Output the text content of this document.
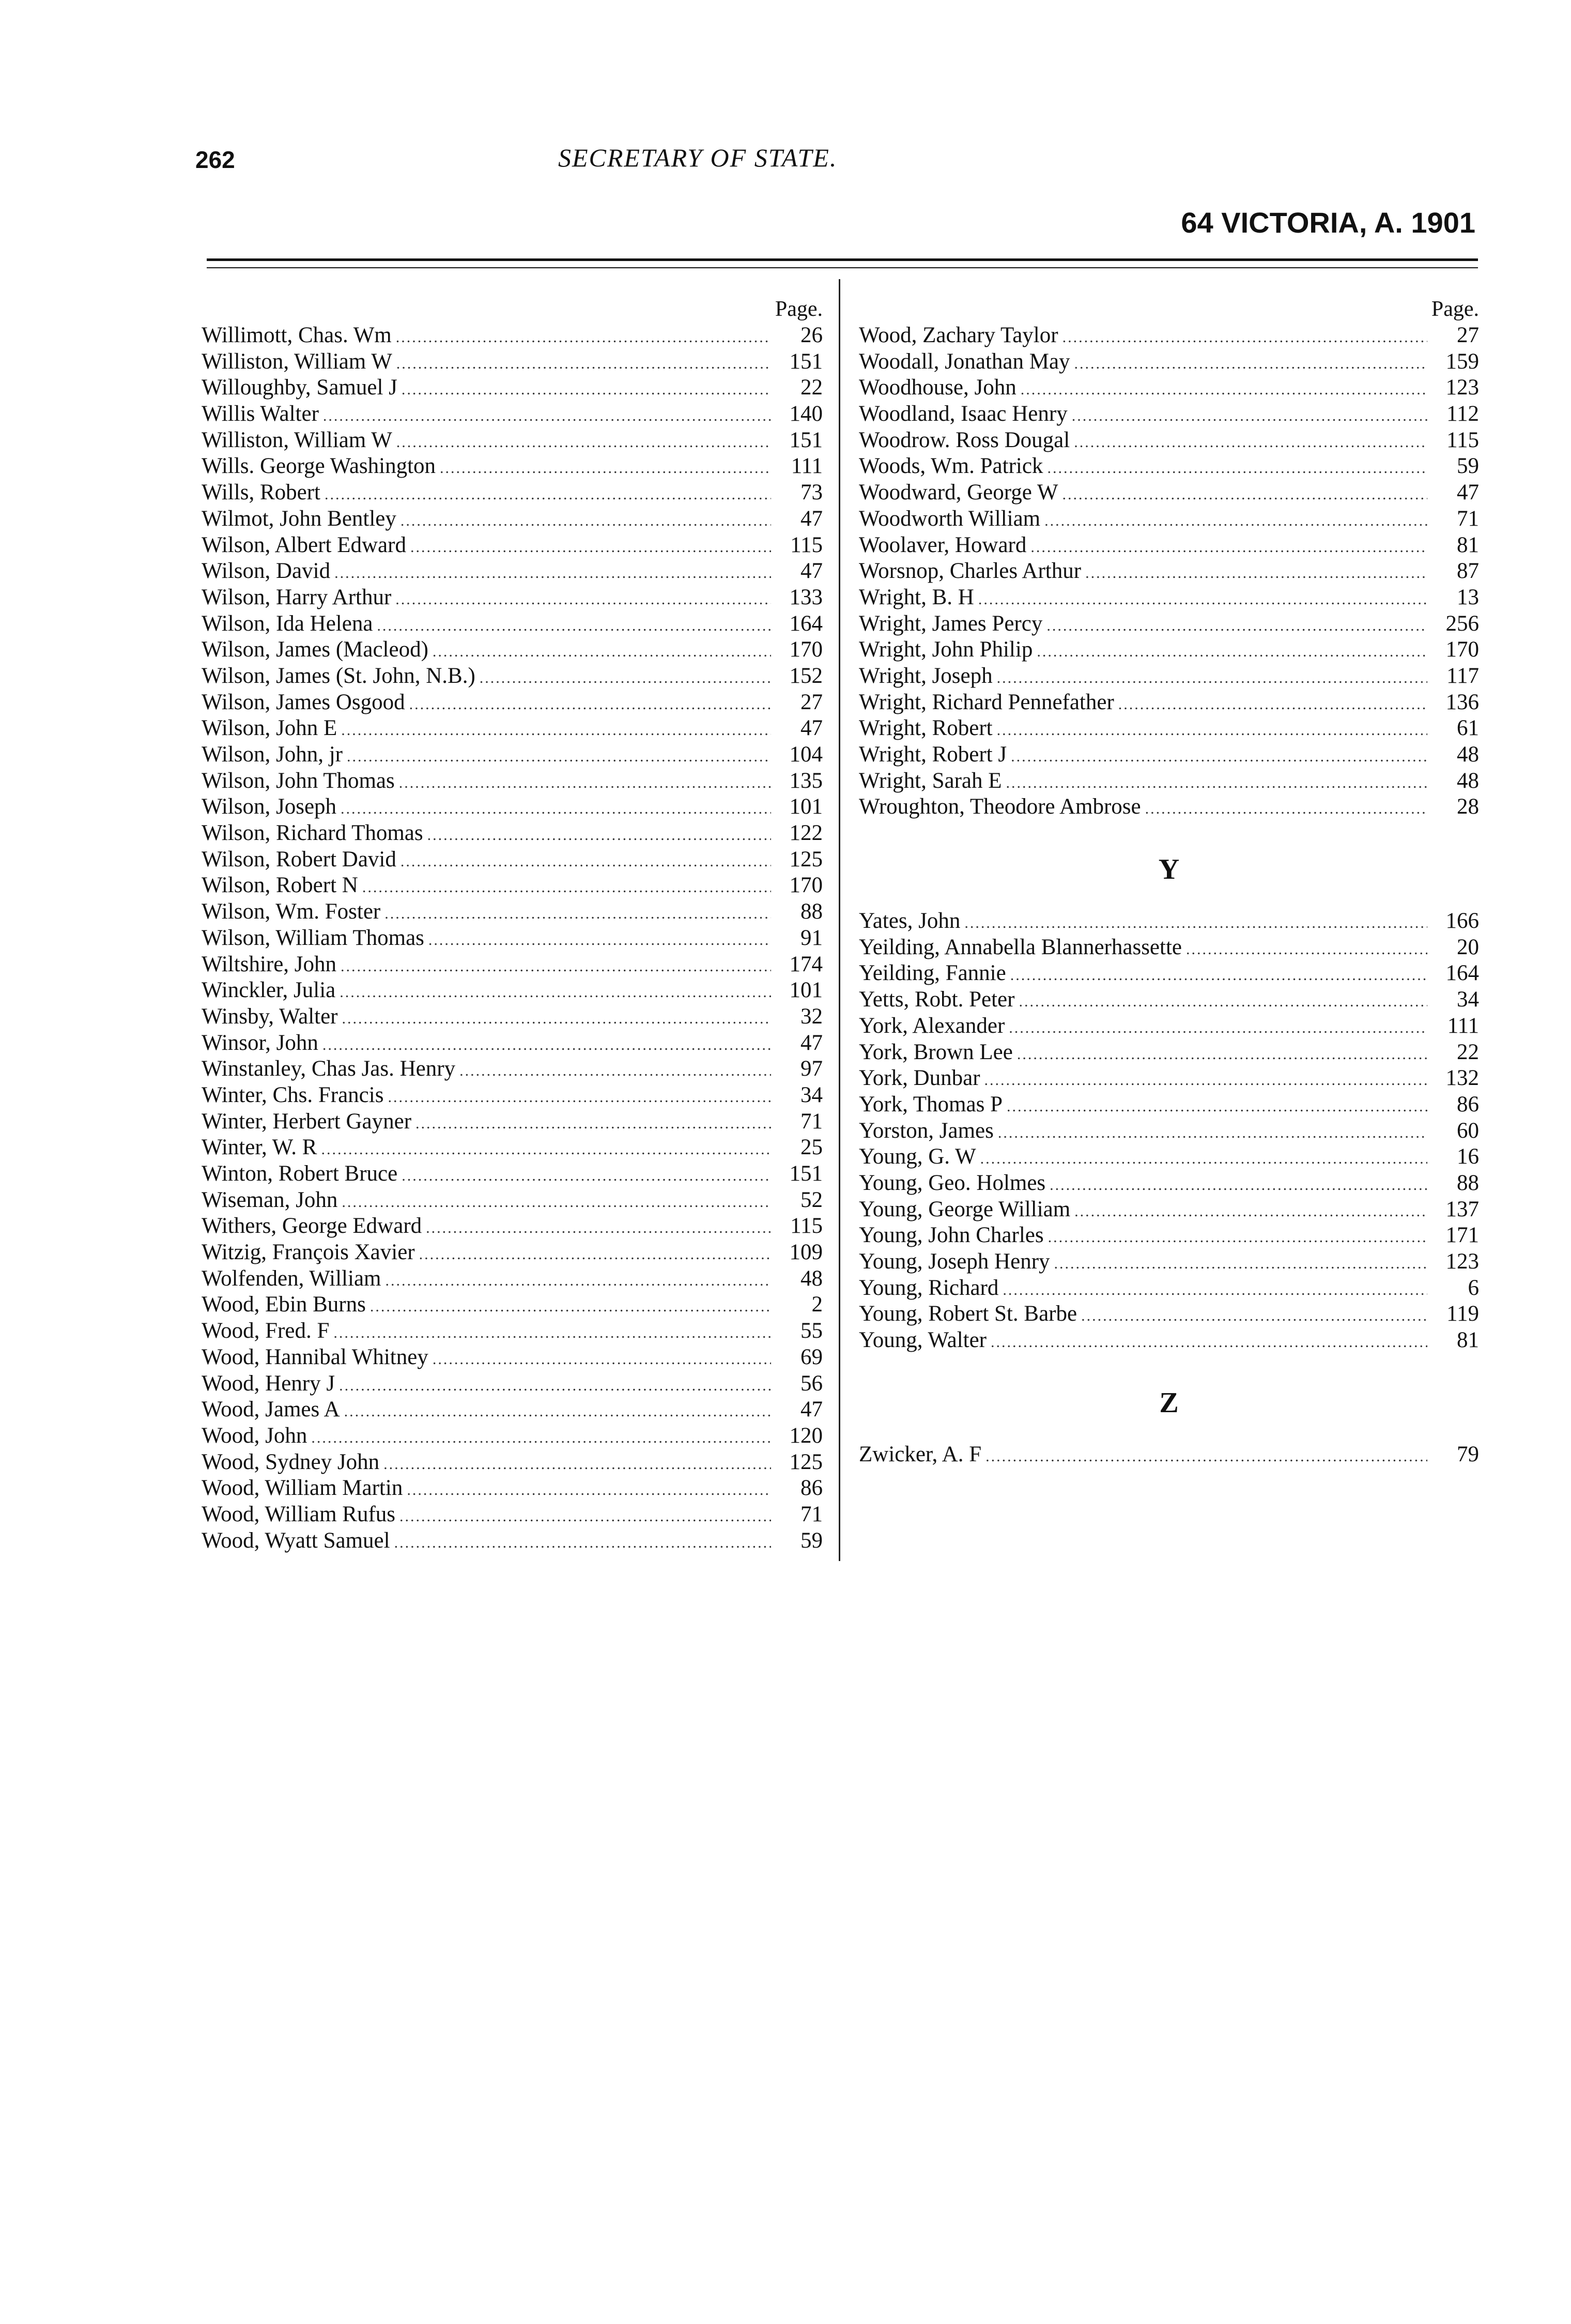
262	SECRETARY OF STATE.
64 VICTORIA, A. 1901
Page.
Willimott, Chas. Wm .....	26
Williston, William W .....	151
Willoughby, Samuel J .....	22
Willis Walter .....	140
Williston, William W .....	151
Wills. George Washington .....	111
Wills, Robert .....	73
Wilmot, John Bentley .....	47
Wilson, Albert Edward .....	115
Wilson, David .....	47
Wilson, Harry Arthur .....	133
Wilson, Ida Helena .....	164
Wilson, James (Macleod) .....	170
Wilson, James (St. John, N.B.) .....	152
Wilson, James Osgood .....	27
Wilson, John E .....	47
Wilson, John, jr .....	104
Wilson, John Thomas .....	135
Wilson, Joseph .....	101
Wilson, Richard Thomas .....	122
Wilson, Robert David .....	125
Wilson, Robert N .....	170
Wilson, Wm. Foster .....	88
Wilson, William Thomas .....	91
Wiltshire, John .....	174
Winckler, Julia .....	101
Winsby, Walter .....	32
Winsor, John .....	47
Winstanley, Chas Jas. Henry .....	97
Winter, Chs. Francis .....	34
Winter, Herbert Gayner .....	71
Winter, W. R .....	25
Winton, Robert Bruce .....	151
Wiseman, John .....	52
Withers, George Edward .....	115
Witzig, François Xavier .....	109
Wolfenden, William .....	48
Wood, Ebin Burns .....	2
Wood, Fred. F .....	55
Wood, Hannibal Whitney .....	69
Wood, Henry J .....	56
Wood, James A .....	47
Wood, John .....	120
Wood, Sydney John .....	125
Wood, William Martin .....	86
Wood, William Rufus .....	71
Wood, Wyatt Samuel .....	59
Page.
Wood, Zachary Taylor .....	27
Woodall, Jonathan May .....	159
Woodhouse, John .....	123
Woodland, Isaac Henry .....	112
Woodrow. Ross Dougal .....	115
Woods, Wm. Patrick .....	59
Woodward, George W .....	47
Woodworth William .....	71
Woolaver, Howard .....	81
Worsnop, Charles Arthur .....	87
Wright, B. H .....	13
Wright, James Percy .....	256
Wright, John Philip .....	170
Wright, Joseph .....	117
Wright, Richard Pennefather .....	136
Wright, Robert .....	61
Wright, Robert J .....	48
Wright, Sarah E .....	48
Wroughton, Theodore Ambrose .....	28
Y
Yates, John .....	166
Yeilding, Annabella Blannerhassette .....	20
Yeilding, Fannie .....	164
Yetts, Robt. Peter .....	34
York, Alexander .....	111
York, Brown Lee .....	22
York, Dunbar .....	132
York, Thomas P .....	86
Yorston, James .....	60
Young, G. W .....	16
Young, Geo. Holmes .....	88
Young, George William .....	137
Young, John Charles .....	171
Young, Joseph Henry .....	123
Young, Richard .....	6
Young, Robert St. Barbe .....	119
Young, Walter .....	81
Z
Zwicker, A. F .....	79
